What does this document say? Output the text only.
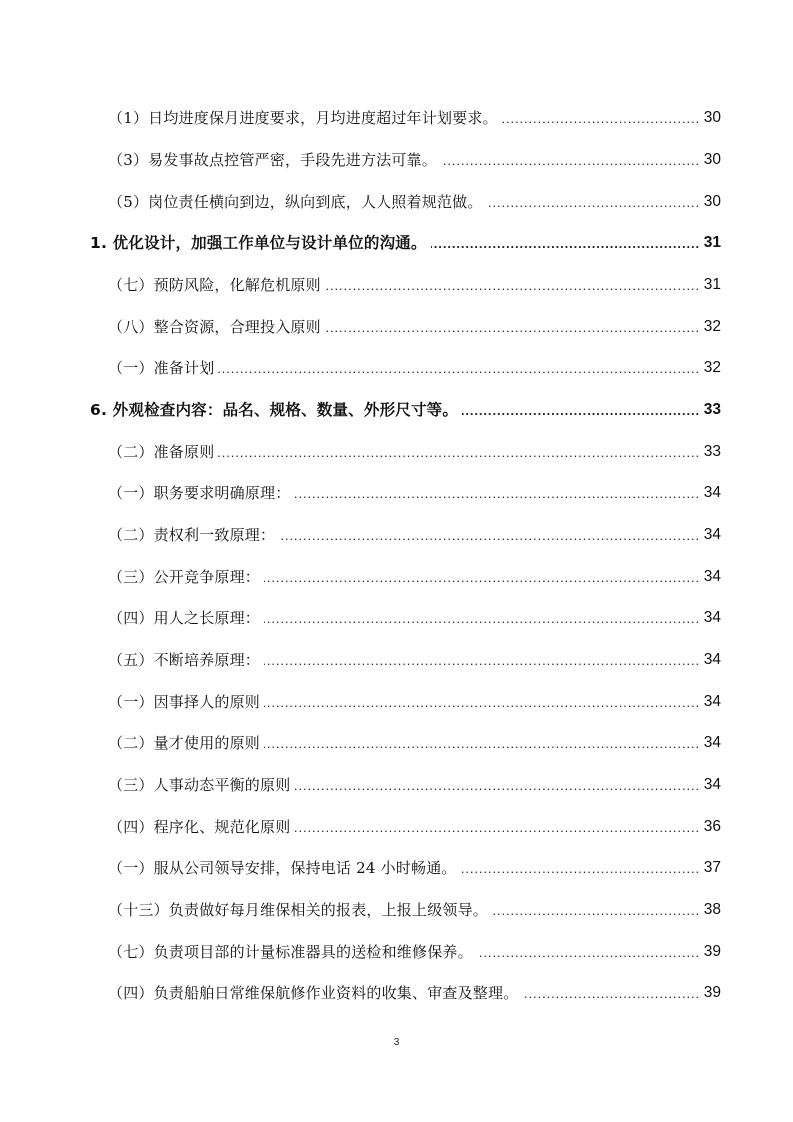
（1）日均进度保月进度要求，月均进度超过年计划要求。 .....	30
（3）易发事故点控管严密，手段先进方法可靠。 .....	30
（5）岗位责任横向到边，纵向到底，人人照着规范做。 .....	30
1. 优化设计，加强工作单位与设计单位的沟通。 .....	31
（七）预防风险，化解危机原则 .....	31
（八）整合资源，合理投入原则 .....	32
（一）准备计划 .....	32
6. 外观检查内容：品名、规格、数量、外形尺寸等。 .....	33
（二）准备原则 .....	33
（一）职务要求明确原理： .....	34
（二）责权利一致原理： .....	34
（三）公开竞争原理： .....	34
（四）用人之长原理： .....	34
（五）不断培养原理： .....	34
（一）因事择人的原则 .....	34
（二）量才使用的原则 .....	34
（三）人事动态平衡的原则 .....	34
（四）程序化、规范化原则 .....	36
（一）服从公司领导安排，保持电话 24 小时畅通。 .....	37
（十三）负责做好每月维保相关的报表，上报上级领导。 .....	38
（七）负责项目部的计量标准器具的送检和维修保养。 .....	39
（四）负责船舶日常维保航修作业资料的收集、审查及整理。 .....	39
3
